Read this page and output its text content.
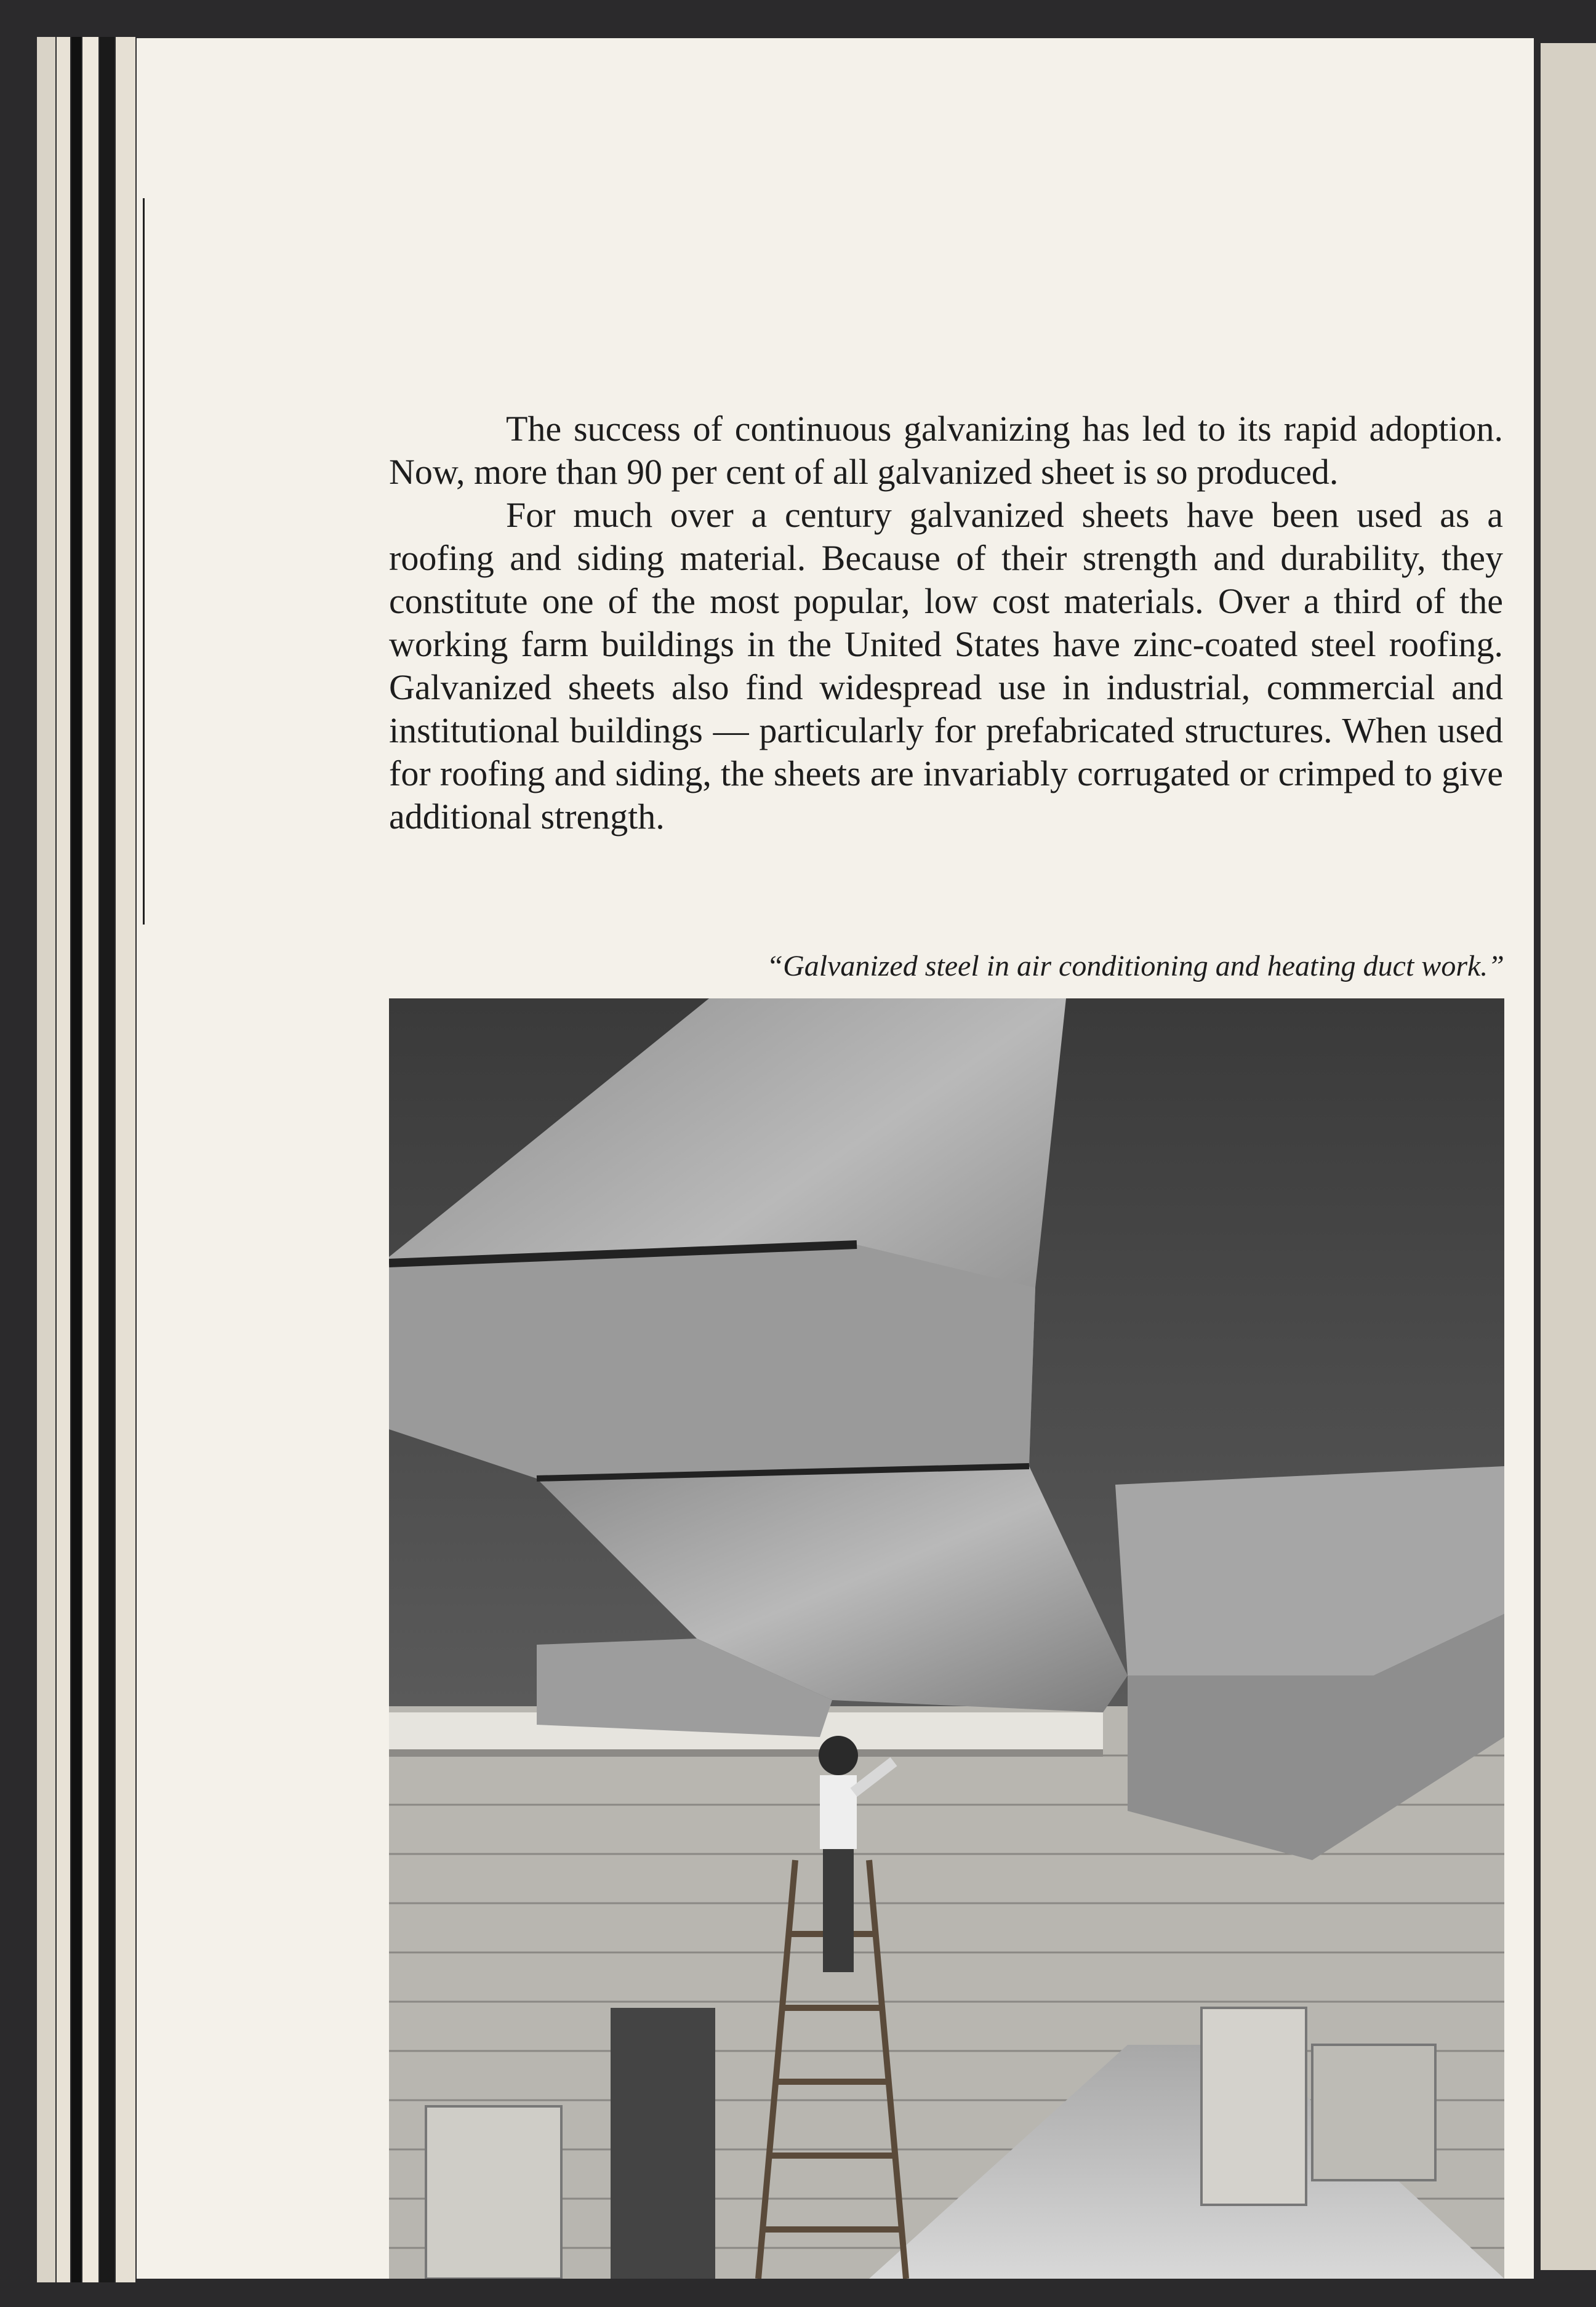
The success of continuous galvanizing has led to its rapid adoption. Now, more than 90 per cent of all galvanized sheet is so produced.

For much over a century galvanized sheets have been used as a roofing and siding material. Because of their strength and durability, they constitute one of the most popular, low cost materials. Over a third of the working farm buildings in the United States have zinc-coated steel roofing. Galvanized sheets also find widespread use in industrial, commercial and institutional buildings — particularly for prefabricated structures. When used for roofing and siding, the sheets are invariably corrugated or crimped to give additional strength.

“Galvanized steel in air conditioning and heating duct work.”
